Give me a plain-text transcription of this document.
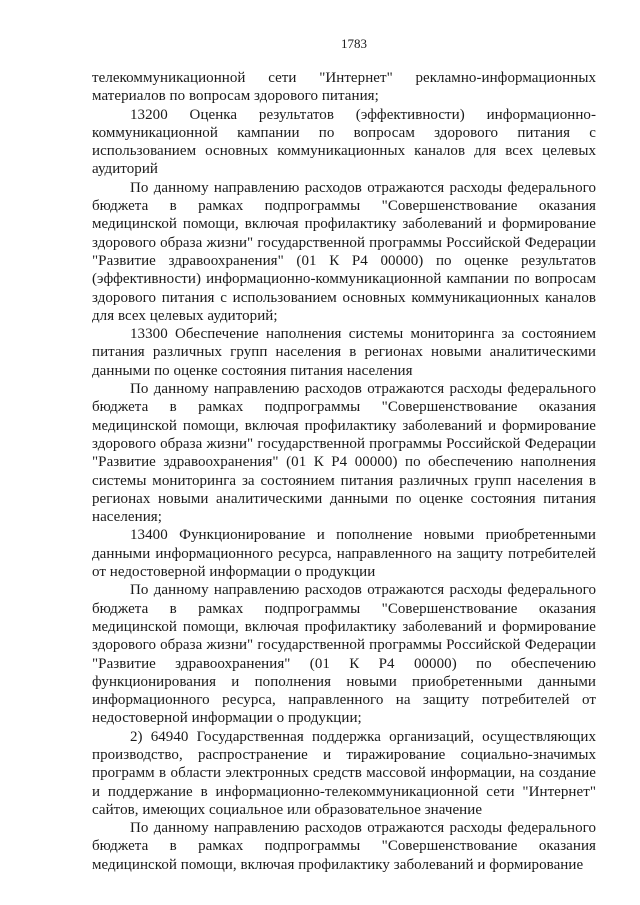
1783

телекоммуникационной сети "Интернет" рекламно-информационных материалов по вопросам здорового питания;

13200 Оценка результатов (эффективности) информационно-коммуникационной кампании по вопросам здорового питания с использованием основных коммуникационных каналов для всех целевых аудиторий

По данному направлению расходов отражаются расходы федерального бюджета в рамках подпрограммы "Совершенствование оказания медицинской помощи, включая профилактику заболеваний и формирование здорового образа жизни" государственной программы Российской Федерации "Развитие здравоохранения" (01 К Р4 00000) по оценке результатов (эффективности) информационно-коммуникационной кампании по вопросам здорового питания с использованием основных коммуникационных каналов для всех целевых аудиторий;

13300 Обеспечение наполнения системы мониторинга за состоянием питания различных групп населения в регионах новыми аналитическими данными по оценке состояния питания населения

По данному направлению расходов отражаются расходы федерального бюджета в рамках подпрограммы "Совершенствование оказания медицинской помощи, включая профилактику заболеваний и формирование здорового образа жизни" государственной программы Российской Федерации "Развитие здравоохранения" (01 К Р4 00000) по обеспечению наполнения системы мониторинга за состоянием питания различных групп населения в регионах новыми аналитическими данными по оценке состояния питания населения;

13400 Функционирование и пополнение новыми приобретенными данными информационного ресурса, направленного на защиту потребителей от недостоверной информации о продукции

По данному направлению расходов отражаются расходы федерального бюджета в рамках подпрограммы "Совершенствование оказания медицинской помощи, включая профилактику заболеваний и формирование здорового образа жизни" государственной программы Российской Федерации "Развитие здравоохранения" (01 К Р4 00000) по обеспечению функционирования и пополнения новыми приобретенными данными информационного ресурса, направленного на защиту потребителей от недостоверной информации о продукции;

2) 64940 Государственная поддержка организаций, осуществляющих производство, распространение и тиражирование социально-значимых программ в области электронных средств массовой информации, на создание и поддержание в информационно-телекоммуникационной сети "Интернет" сайтов, имеющих социальное или образовательное значение

По данному направлению расходов отражаются расходы федерального бюджета в рамках подпрограммы "Совершенствование оказания медицинской помощи, включая профилактику заболеваний и формирование
